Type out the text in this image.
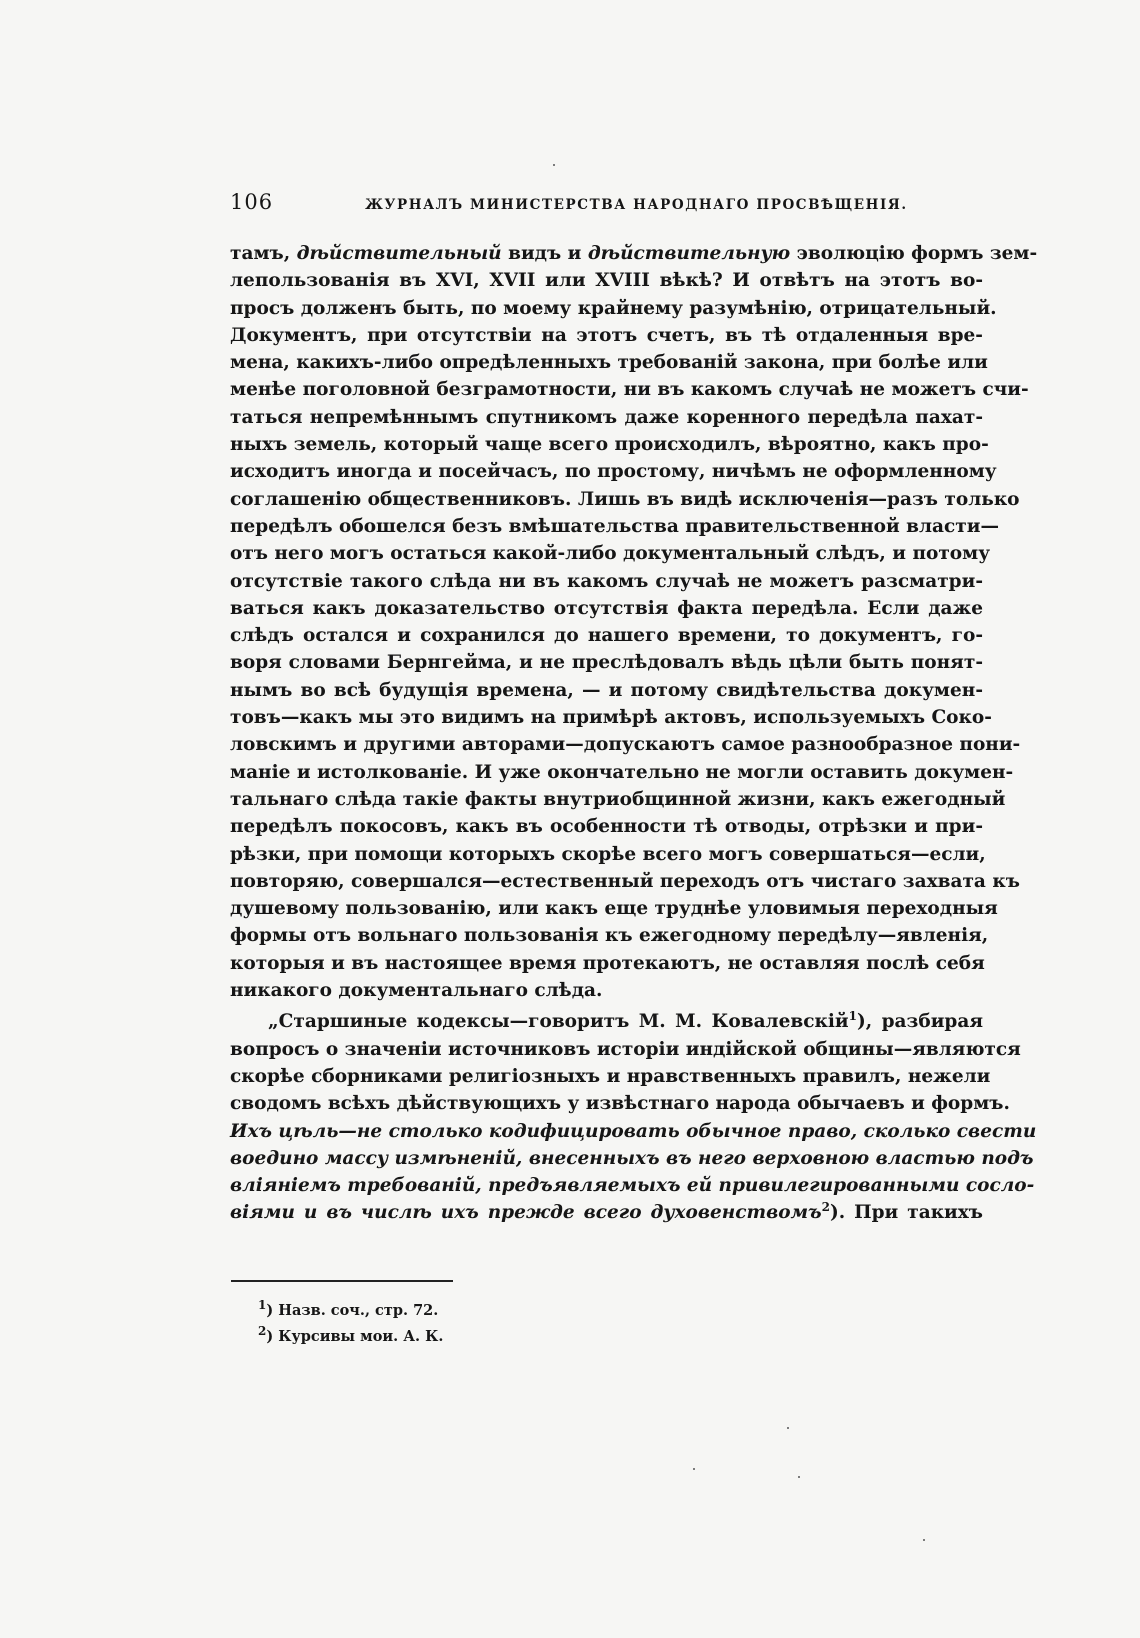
106	ЖУРНАЛЪ МИНИСТЕРСТВА НАРОДНАГО ПРОСВѢЩЕНІЯ.
тамъ, дѣйствительный видъ и дѣйствительную эволюцію формъ зем-
лепользованія въ XVI, XVII или XVIII вѣкѣ? И отвѣтъ на этотъ во-
просъ долженъ быть, по моему крайнему разумѣнію, отрицательный.
Документъ, при отсутствіи на этотъ счетъ, въ тѣ отдаленныя вре-
мена, какихъ-либо опредѣленныхъ требованій закона, при болѣе или
менѣе поголовной безграмотности, ни въ какомъ случаѣ не можетъ счи-
таться непремѣннымъ спутникомъ даже коренного передѣла пахат-
ныхъ земель, который чаще всего происходилъ, вѣроятно, какъ про-
исходитъ иногда и посейчасъ, по простому, ничѣмъ не оформленному
соглашенію общественниковъ. Лишь въ видѣ исключенія—разъ только
передѣлъ обошелся безъ вмѣшательства правительственной власти—
отъ него могъ остаться какой-либо документальный слѣдъ, и потому
отсутствіе такого слѣда ни въ какомъ случаѣ не можетъ разсматри-
ваться какъ доказательство отсутствія факта передѣла. Если даже
слѣдъ остался и сохранился до нашего времени, то документъ, го-
воря словами Бернгейма, и не преслѣдовалъ вѣдь цѣли быть понят-
нымъ во всѣ будущія времена, — и потому свидѣтельства докумен-
товъ—какъ мы это видимъ на примѣрѣ актовъ, используемыхъ Соко-
ловскимъ и другими авторами—допускаютъ самое разнообразное пони-
маніе и истолкованіе. И уже окончательно не могли оставить докумен-
тальнаго слѣда такіе факты внутриобщинной жизни, какъ ежегодный
передѣлъ покосовъ, какъ въ особенности тѣ отводы, отрѣзки и при-
рѣзки, при помощи которыхъ скорѣе всего могъ совершаться—если,
повторяю, совершался—естественный переходъ отъ чистаго захвата къ
душевому пользованію, или какъ еще труднѣе уловимыя переходныя
формы отъ вольнаго пользованія къ ежегодному передѣлу—явленія,
которыя и въ настоящее время протекаютъ, не оставляя послѣ себя
никакого документальнаго слѣда.
„Старшиные кодексы—говоритъ М. М. Ковалевскій$^1$), разбирая
вопросъ о значеніи источниковъ исторіи индійской общины—являются
скорѣе сборниками религіозныхъ и нравственныхъ правилъ, нежели
сводомъ всѣхъ дѣйствующихъ у извѣстнаго народа обычаевъ и формъ.
Ихъ цѣль—не столько кодифицировать обычное право, сколько свести
воедино массу измѣненій, внесенныхъ въ него верховною властью подъ
вліяніемъ требованій, предъявляемыхъ ей привилегированными сосло-
віями и въ числѣ ихъ прежде всего духовенствомъ$^2$). При такихъ
$^1$) Назв. соч., стр. 72.
$^2$) Курсивы мои. А. К.
